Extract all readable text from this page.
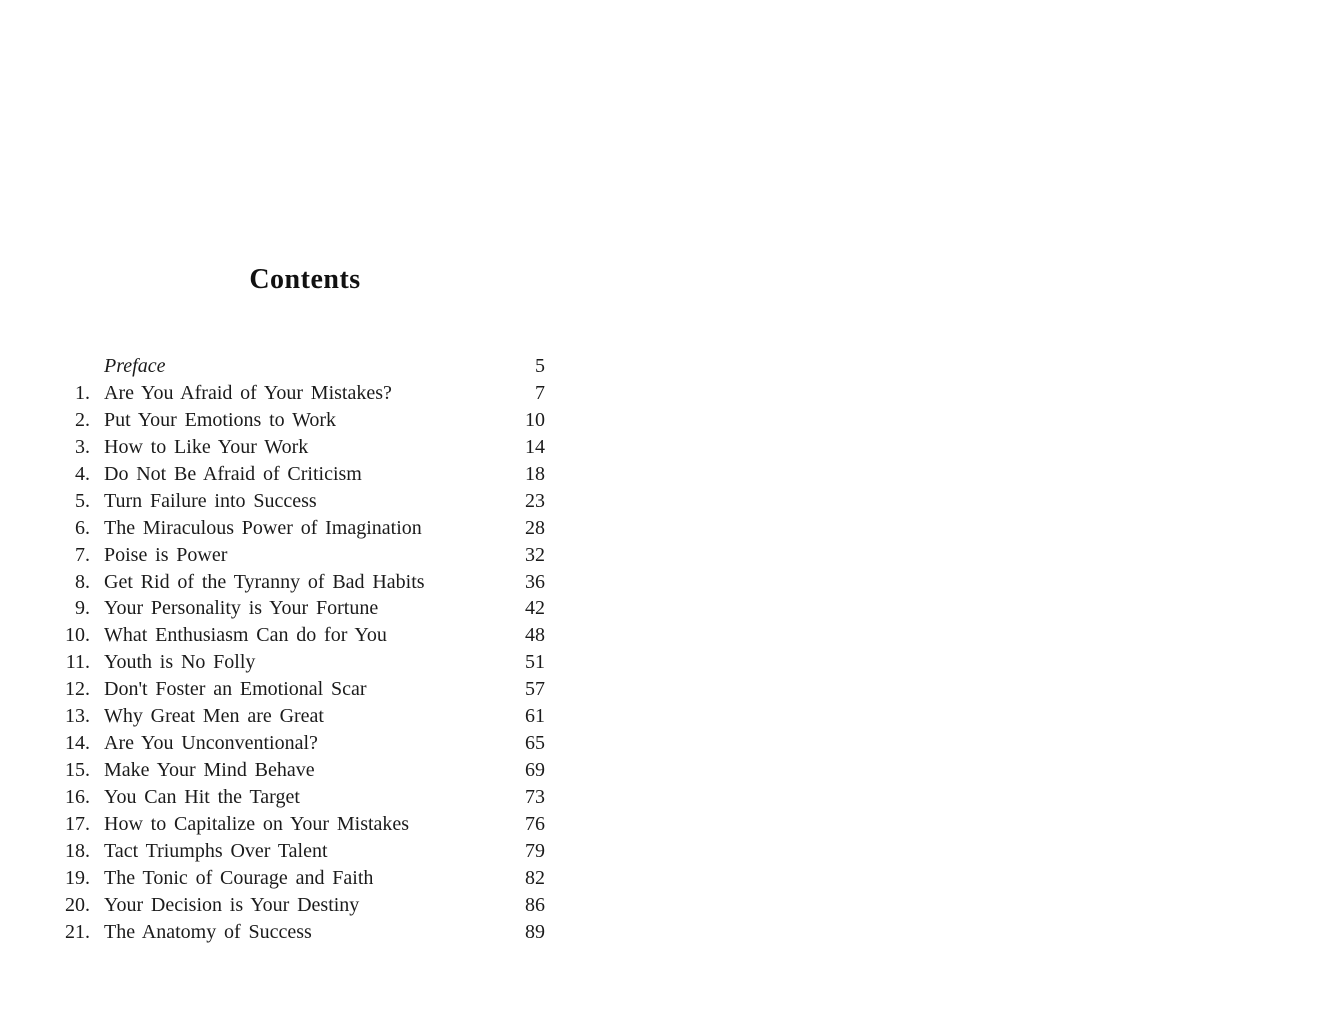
Contents
Preface	5
1. Are You Afraid of Your Mistakes?	7
2. Put Your Emotions to Work	10
3. How to Like Your Work	14
4. Do Not Be Afraid of Criticism	18
5. Turn Failure into Success	23
6. The Miraculous Power of Imagination	28
7. Poise is Power	32
8. Get Rid of the Tyranny of Bad Habits	36
9. Your Personality is Your Fortune	42
10. What Enthusiasm Can do for You	48
11. Youth is No Folly	51
12. Don't Foster an Emotional Scar	57
13. Why Great Men are Great	61
14. Are You Unconventional?	65
15. Make Your Mind Behave	69
16. You Can Hit the Target	73
17. How to Capitalize on Your Mistakes	76
18. Tact Triumphs Over Talent	79
19. The Tonic of Courage and Faith	82
20. Your Decision is Your Destiny	86
21. The Anatomy of Success	89
